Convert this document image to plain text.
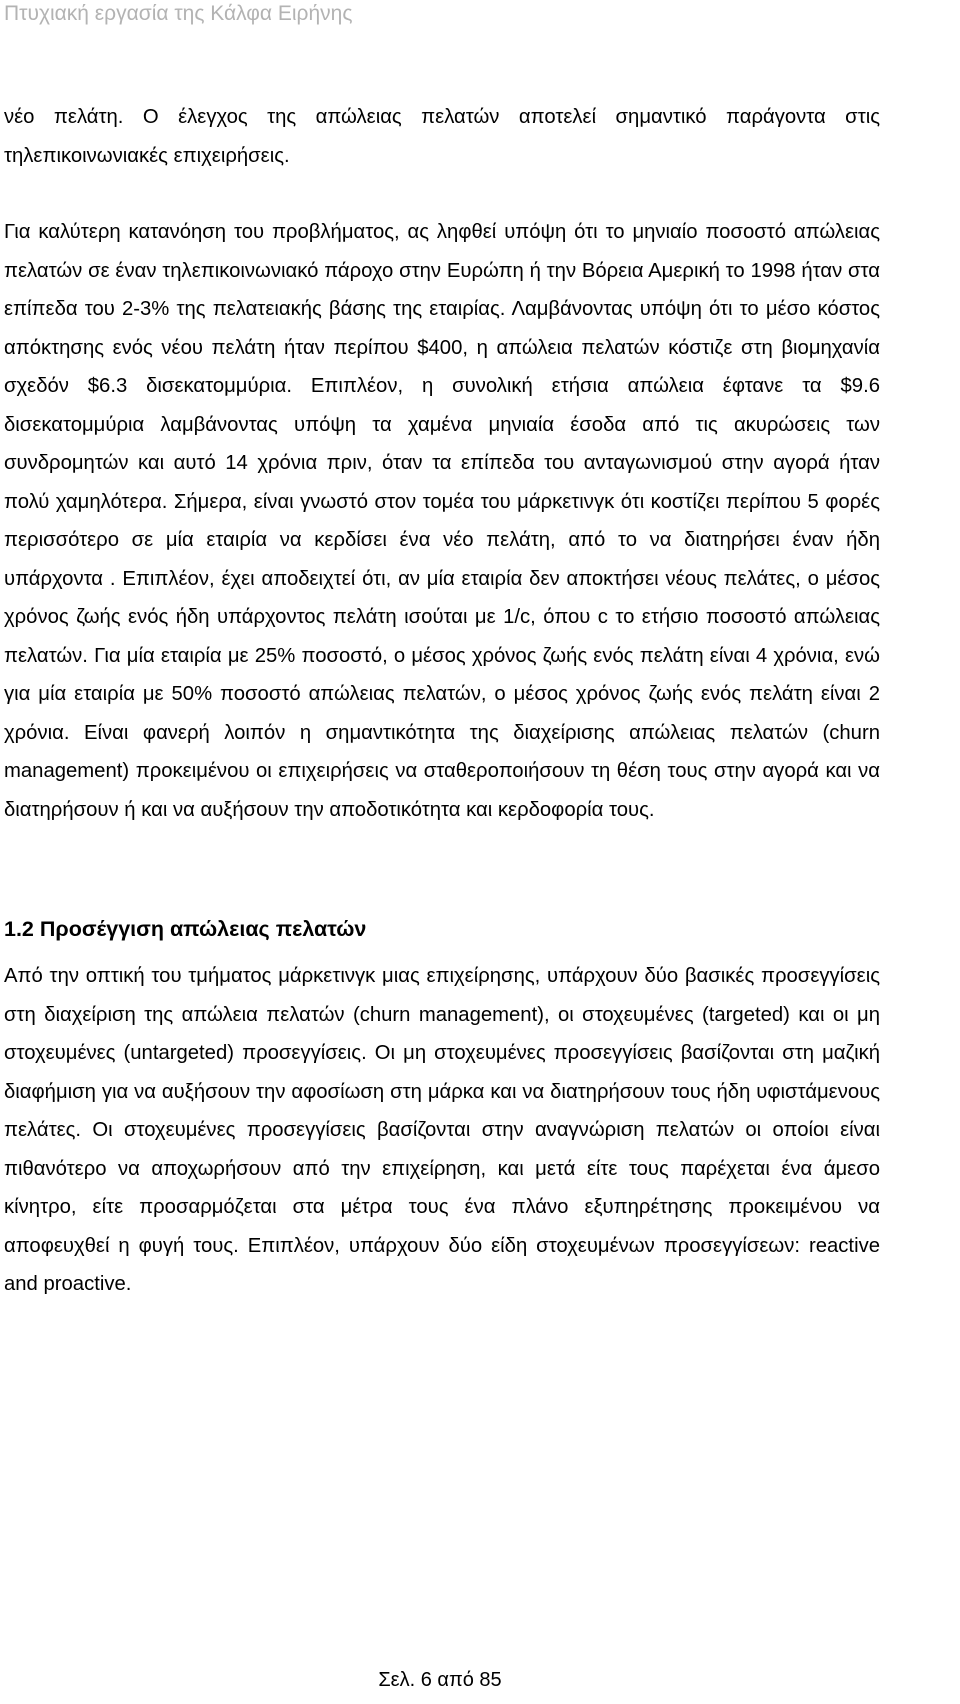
Πτυχιακή εργασία της Κάλφα Ειρήνης

νέο πελάτη. Ο έλεγχος της απώλειας πελατών αποτελεί σημαντικό παράγοντα στις τηλεπικοινωνιακές επιχειρήσεις.

Για καλύτερη κατανόηση του προβλήματος, ας ληφθεί υπόψη ότι το μηνιαίο ποσοστό απώλειας πελατών σε έναν τηλεπικοινωνιακό πάροχο στην Ευρώπη ή την Βόρεια Αμερική το 1998 ήταν στα επίπεδα του 2-3% της πελατειακής βάσης της εταιρίας. Λαμβάνοντας υπόψη ότι το μέσο κόστος απόκτησης ενός νέου πελάτη ήταν περίπου $400, η απώλεια πελατών κόστιζε στη βιομηχανία σχεδόν $6.3 δισεκατομμύρια. Επιπλέον, η συνολική ετήσια απώλεια έφτανε τα $9.6 δισεκατομμύρια λαμβάνοντας υπόψη τα χαμένα μηνιαία έσοδα από τις ακυρώσεις των συνδρομητών και αυτό 14 χρόνια πριν, όταν τα επίπεδα του ανταγωνισμού στην αγορά ήταν πολύ χαμηλότερα. Σήμερα, είναι γνωστό στον τομέα του μάρκετινγκ ότι κοστίζει περίπου 5 φορές περισσότερο σε μία εταιρία να κερδίσει ένα νέο πελάτη, από το να διατηρήσει έναν ήδη υπάρχοντα . Επιπλέον, έχει αποδειχτεί ότι, αν μία εταιρία δεν αποκτήσει νέους πελάτες, ο μέσος χρόνος ζωής ενός ήδη υπάρχοντος πελάτη ισούται με 1/c, όπου c το ετήσιο ποσοστό απώλειας πελατών. Για μία εταιρία με 25% ποσοστό, ο μέσος χρόνος ζωής ενός πελάτη είναι 4 χρόνια, ενώ για μία εταιρία με 50% ποσοστό απώλειας πελατών, ο μέσος χρόνος ζωής ενός πελάτη είναι 2 χρόνια. Είναι φανερή λοιπόν η σημαντικότητα της διαχείρισης απώλειας πελατών (churn management) προκειμένου οι επιχειρήσεις να σταθεροποιήσουν τη θέση τους στην αγορά και να διατηρήσουν ή και να αυξήσουν την αποδοτικότητα και κερδοφορία τους.

1.2 Προσέγγιση απώλειας πελατών

Από την οπτική του τμήματος μάρκετινγκ μιας επιχείρησης, υπάρχουν δύο βασικές προσεγγίσεις στη διαχείριση της απώλεια πελατών (churn management), οι στοχευμένες (targeted) και οι μη στοχευμένες (untargeted) προσεγγίσεις. Οι μη στοχευμένες προσεγγίσεις βασίζονται στη μαζική διαφήμιση για να αυξήσουν την αφοσίωση στη μάρκα και να διατηρήσουν τους ήδη υφιστάμενους πελάτες. Οι στοχευμένες προσεγγίσεις βασίζονται στην αναγνώριση πελατών οι οποίοι είναι πιθανότερο να αποχωρήσουν από την επιχείρηση, και μετά είτε τους παρέχεται ένα άμεσο κίνητρο, είτε προσαρμόζεται στα μέτρα τους ένα πλάνο εξυπηρέτησης προκειμένου να αποφευχθεί η φυγή τους. Επιπλέον, υπάρχουν δύο είδη στοχευμένων προσεγγίσεων: reactive and proactive.

Σελ. 6 από 85
